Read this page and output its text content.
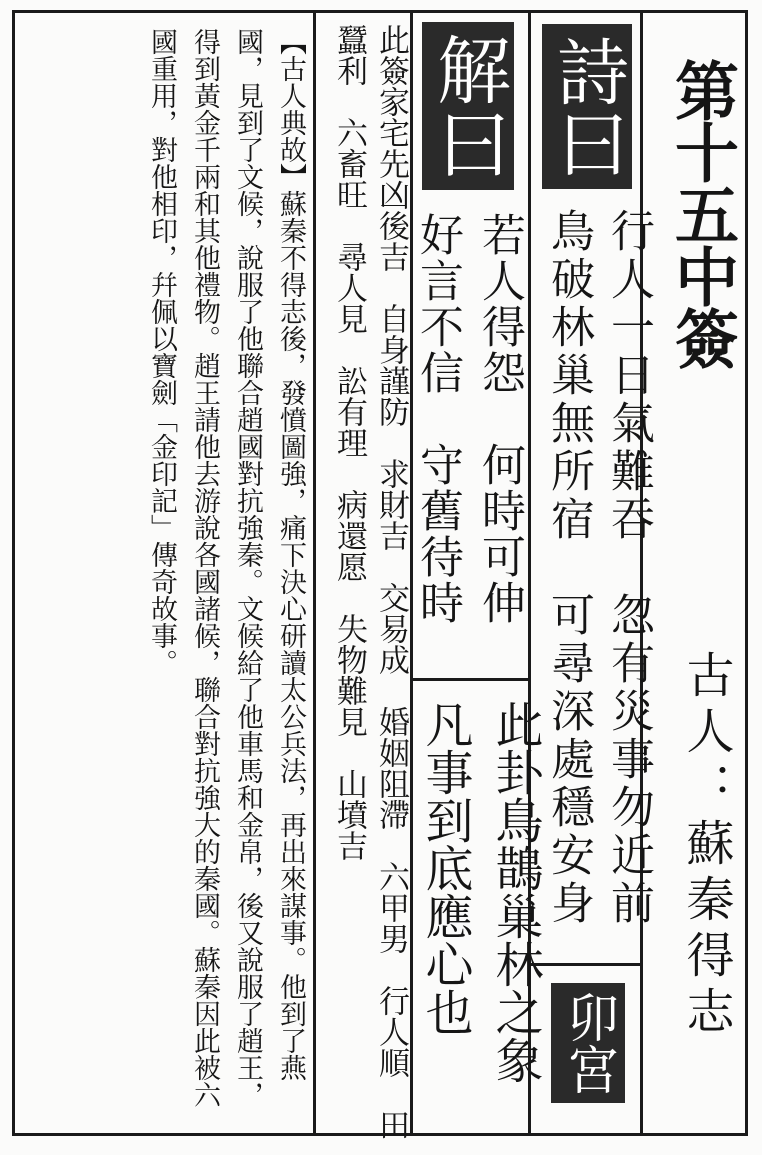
第十五中簽
古人：蘇秦得志
詩曰
解曰
卯宮
行人一日氣難吞　忽有災事勿近前
鳥破林巢無所宿　可尋深處穩安身
若人得怨　何時可伸
好言不信　守舊待時
此卦鳥鵲巢林之象
凡事到底應心也
此簽家宅先凶後吉　自身謹防　求財吉　交易成　婚姻阻滯　六甲男　行人順　田蠶利　六畜旺　尋人見　訟有理　病還愿　失物難見　山墳吉
【古人典故】蘇秦不得志後，發憤圖強，痛下決心研讀太公兵法，再出來謀事。他到了燕國，見到了文候，說服了他聯合趙國對抗強秦。文候給了他車馬和金帛，後又說服了趙王，得到黃金千兩和其他禮物。趙王請他去游說各國諸候，聯合對抗強大的秦國。蘇秦因此被六國重用，對他相印，幷佩以寶劍「金印記」傳奇故事。
